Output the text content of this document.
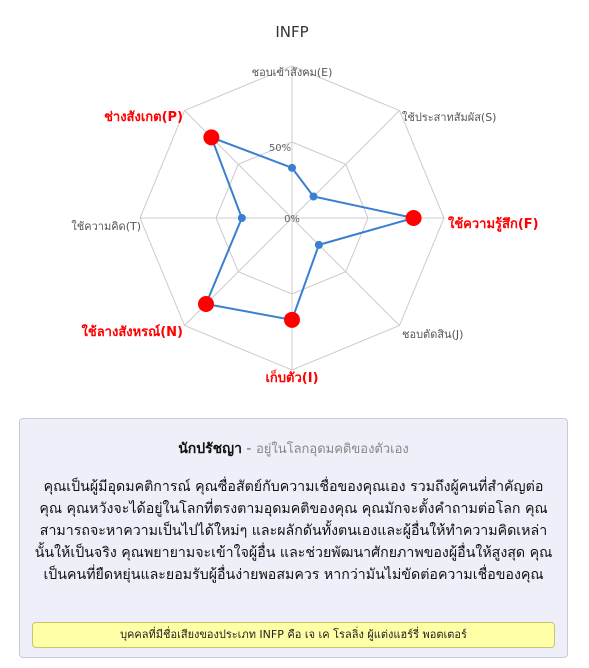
INFP
0%
50%
ชอบเข้าสังคม(E)
ใช้ประสาทสัมผัส(S)
ใช้ความรู้สึก(F)
ชอบตัดสิน(J)
เก็บตัว(I)
ใช้ลางสังหรณ์(N)
ใช้ความคิด(T)
ช่างสังเกต(P)
นักปรัชญา - อยู่ในโลกอุดมคติของตัวเอง
คุณเป็นผู้มีอุดมคติการณ์ คุณซื่อสัตย์กับความเชื่อของคุณเอง รวมถึงผู้คนที่สำคัญต่อคุณ คุณหวังจะได้อยู่ในโลกที่ตรงตามอุดมคติของคุณ คุณมักจะตั้งคำถามต่อโลก คุณสามารถจะหาความเป็นไปได้ใหม่ๆ และผลักดันทั้งตนเองและผู้อื่นให้ทำความคิดเหล่านั้นให้เป็นจริง คุณพยายามจะเข้าใจผู้อื่น และช่วยพัฒนาศักยภาพของผู้อื่นให้สูงสุด คุณเป็นคนที่ยืดหยุ่นและยอมรับผู้อื่นง่ายพอสมควร หากว่ามันไม่ขัดต่อความเชื่อของคุณ
บุคคลที่มีชื่อเสียงของประเภท INFP คือ เจ เค โรลลิ่ง ผู้แต่งแฮร์รี่ พอตเตอร์
